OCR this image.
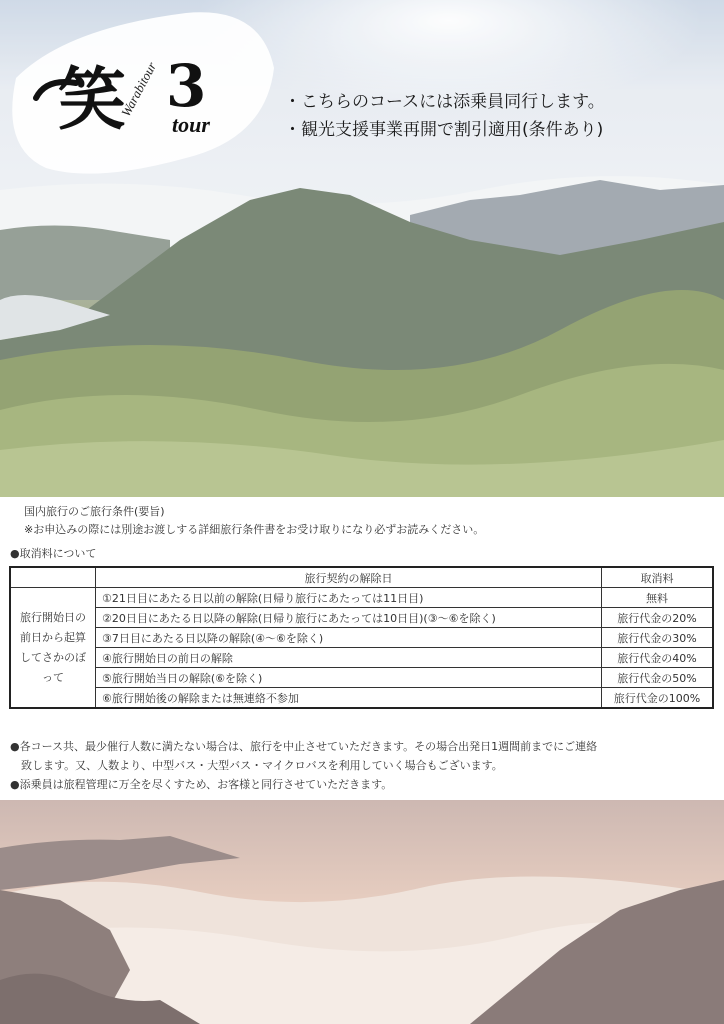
笑
Warabitour 3
tour
・こちらのコースには添乗員同行します。
・観光支援事業再開で割引適用(条件あり)
国内旅行のご旅行条件(要旨)
※お申込みの際には別途お渡しする詳細旅行条件書をお受け取りになり必ずお読みください。
●取消料について
	旅行契約の解除日	取消料
旅行開始日の前日から起算してさかのぼって	①21日目にあたる日以前の解除(日帰り旅行にあたっては11日目)	無料
	②20日目にあたる日以降の解除(日帰り旅行にあたっては10日目)(③～⑥を除く)	旅行代金の20%
	③7日目にあたる日以降の解除(④～⑥を除く)	旅行代金の30%
	④旅行開始日の前日の解除	旅行代金の40%
	⑤旅行開始当日の解除(⑥を除く)	旅行代金の50%
	⑥旅行開始後の解除または無連絡不参加	旅行代金の100%
●各コース共、最少催行人数に満たない場合は、旅行を中止させていただきます。その場合出発日1週間前までにご連絡
　致します。又、人数より、中型バス・大型バス・マイクロバスを利用していく場合もございます。
●添乗員は旅程管理に万全を尽くすため、お客様と同行させていただきます。
